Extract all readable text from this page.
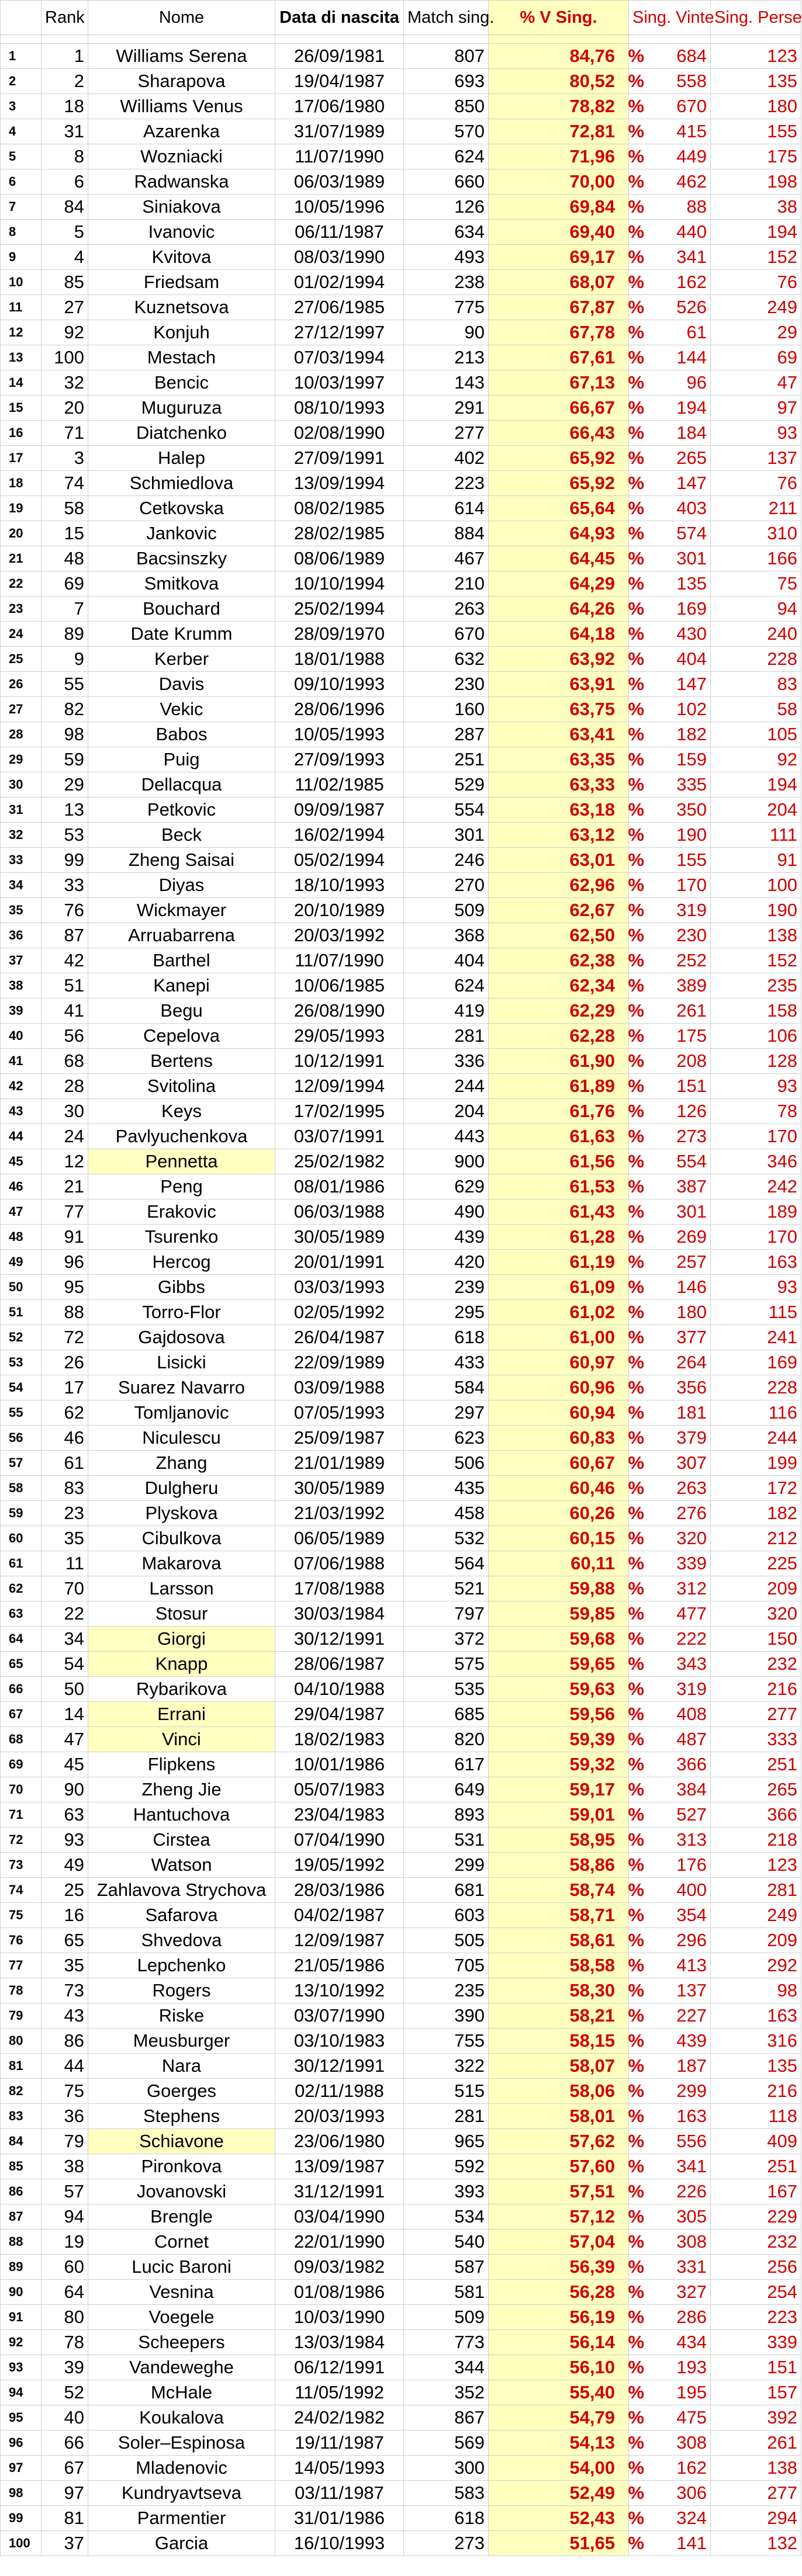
	Rank	Nome	Data di nascita	Match sing.	% V Sing.	Sing. Vinte	Sing. Perse

1	1	Williams Serena	26/09/1981	807	84,76 %	684	123
2	2	Sharapova	19/04/1987	693	80,52 %	558	135
3	18	Williams Venus	17/06/1980	850	78,82 %	670	180
4	31	Azarenka	31/07/1989	570	72,81 %	415	155
5	8	Wozniacki	11/07/1990	624	71,96 %	449	175
6	6	Radwanska	06/03/1989	660	70,00 %	462	198
7	84	Siniakova	10/05/1996	126	69,84 %	88	38
8	5	Ivanovic	06/11/1987	634	69,40 %	440	194
9	4	Kvitova	08/03/1990	493	69,17 %	341	152
10	85	Friedsam	01/02/1994	238	68,07 %	162	76
11	27	Kuznetsova	27/06/1985	775	67,87 %	526	249
12	92	Konjuh	27/12/1997	90	67,78 %	61	29
13	100	Mestach	07/03/1994	213	67,61 %	144	69
14	32	Bencic	10/03/1997	143	67,13 %	96	47
15	20	Muguruza	08/10/1993	291	66,67 %	194	97
16	71	Diatchenko	02/08/1990	277	66,43 %	184	93
17	3	Halep	27/09/1991	402	65,92 %	265	137
18	74	Schmiedlova	13/09/1994	223	65,92 %	147	76
19	58	Cetkovska	08/02/1985	614	65,64 %	403	211
20	15	Jankovic	28/02/1985	884	64,93 %	574	310
21	48	Bacsinszky	08/06/1989	467	64,45 %	301	166
22	69	Smitkova	10/10/1994	210	64,29 %	135	75
23	7	Bouchard	25/02/1994	263	64,26 %	169	94
24	89	Date Krumm	28/09/1970	670	64,18 %	430	240
25	9	Kerber	18/01/1988	632	63,92 %	404	228
26	55	Davis	09/10/1993	230	63,91 %	147	83
27	82	Vekic	28/06/1996	160	63,75 %	102	58
28	98	Babos	10/05/1993	287	63,41 %	182	105
29	59	Puig	27/09/1993	251	63,35 %	159	92
30	29	Dellacqua	11/02/1985	529	63,33 %	335	194
31	13	Petkovic	09/09/1987	554	63,18 %	350	204
32	53	Beck	16/02/1994	301	63,12 %	190	111
33	99	Zheng Saisai	05/02/1994	246	63,01 %	155	91
34	33	Diyas	18/10/1993	270	62,96 %	170	100
35	76	Wickmayer	20/10/1989	509	62,67 %	319	190
36	87	Arruabarrena	20/03/1992	368	62,50 %	230	138
37	42	Barthel	11/07/1990	404	62,38 %	252	152
38	51	Kanepi	10/06/1985	624	62,34 %	389	235
39	41	Begu	26/08/1990	419	62,29 %	261	158
40	56	Cepelova	29/05/1993	281	62,28 %	175	106
41	68	Bertens	10/12/1991	336	61,90 %	208	128
42	28	Svitolina	12/09/1994	244	61,89 %	151	93
43	30	Keys	17/02/1995	204	61,76 %	126	78
44	24	Pavlyuchenkova	03/07/1991	443	61,63 %	273	170
45	12	Pennetta	25/02/1982	900	61,56 %	554	346
46	21	Peng	08/01/1986	629	61,53 %	387	242
47	77	Erakovic	06/03/1988	490	61,43 %	301	189
48	91	Tsurenko	30/05/1989	439	61,28 %	269	170
49	96	Hercog	20/01/1991	420	61,19 %	257	163
50	95	Gibbs	03/03/1993	239	61,09 %	146	93
51	88	Torro-Flor	02/05/1992	295	61,02 %	180	115
52	72	Gajdosova	26/04/1987	618	61,00 %	377	241
53	26	Lisicki	22/09/1989	433	60,97 %	264	169
54	17	Suarez Navarro	03/09/1988	584	60,96 %	356	228
55	62	Tomljanovic	07/05/1993	297	60,94 %	181	116
56	46	Niculescu	25/09/1987	623	60,83 %	379	244
57	61	Zhang	21/01/1989	506	60,67 %	307	199
58	83	Dulgheru	30/05/1989	435	60,46 %	263	172
59	23	Plyskova	21/03/1992	458	60,26 %	276	182
60	35	Cibulkova	06/05/1989	532	60,15 %	320	212
61	11	Makarova	07/06/1988	564	60,11 %	339	225
62	70	Larsson	17/08/1988	521	59,88 %	312	209
63	22	Stosur	30/03/1984	797	59,85 %	477	320
64	34	Giorgi	30/12/1991	372	59,68 %	222	150
65	54	Knapp	28/06/1987	575	59,65 %	343	232
66	50	Rybarikova	04/10/1988	535	59,63 %	319	216
67	14	Errani	29/04/1987	685	59,56 %	408	277
68	47	Vinci	18/02/1983	820	59,39 %	487	333
69	45	Flipkens	10/01/1986	617	59,32 %	366	251
70	90	Zheng Jie	05/07/1983	649	59,17 %	384	265
71	63	Hantuchova	23/04/1983	893	59,01 %	527	366
72	93	Cirstea	07/04/1990	531	58,95 %	313	218
73	49	Watson	19/05/1992	299	58,86 %	176	123
74	25	Zahlavova Strychova	28/03/1986	681	58,74 %	400	281
75	16	Safarova	04/02/1987	603	58,71 %	354	249
76	65	Shvedova	12/09/1987	505	58,61 %	296	209
77	35	Lepchenko	21/05/1986	705	58,58 %	413	292
78	73	Rogers	13/10/1992	235	58,30 %	137	98
79	43	Riske	03/07/1990	390	58,21 %	227	163
80	86	Meusburger	03/10/1983	755	58,15 %	439	316
81	44	Nara	30/12/1991	322	58,07 %	187	135
82	75	Goerges	02/11/1988	515	58,06 %	299	216
83	36	Stephens	20/03/1993	281	58,01 %	163	118
84	79	Schiavone	23/06/1980	965	57,62 %	556	409
85	38	Pironkova	13/09/1987	592	57,60 %	341	251
86	57	Jovanovski	31/12/1991	393	57,51 %	226	167
87	94	Brengle	03/04/1990	534	57,12 %	305	229
88	19	Cornet	22/01/1990	540	57,04 %	308	232
89	60	Lucic Baroni	09/03/1982	587	56,39 %	331	256
90	64	Vesnina	01/08/1986	581	56,28 %	327	254
91	80	Voegele	10/03/1990	509	56,19 %	286	223
92	78	Scheepers	13/03/1984	773	56,14 %	434	339
93	39	Vandeweghe	06/12/1991	344	56,10 %	193	151
94	52	McHale	11/05/1992	352	55,40 %	195	157
95	40	Koukalova	24/02/1982	867	54,79 %	475	392
96	66	Soler–Espinosa	19/11/1987	569	54,13 %	308	261
97	67	Mladenovic	14/05/1993	300	54,00 %	162	138
98	97	Kundryavtseva	03/11/1987	583	52,49 %	306	277
99	81	Parmentier	31/01/1986	618	52,43 %	324	294
100	37	Garcia	16/10/1993	273	51,65 %	141	132
